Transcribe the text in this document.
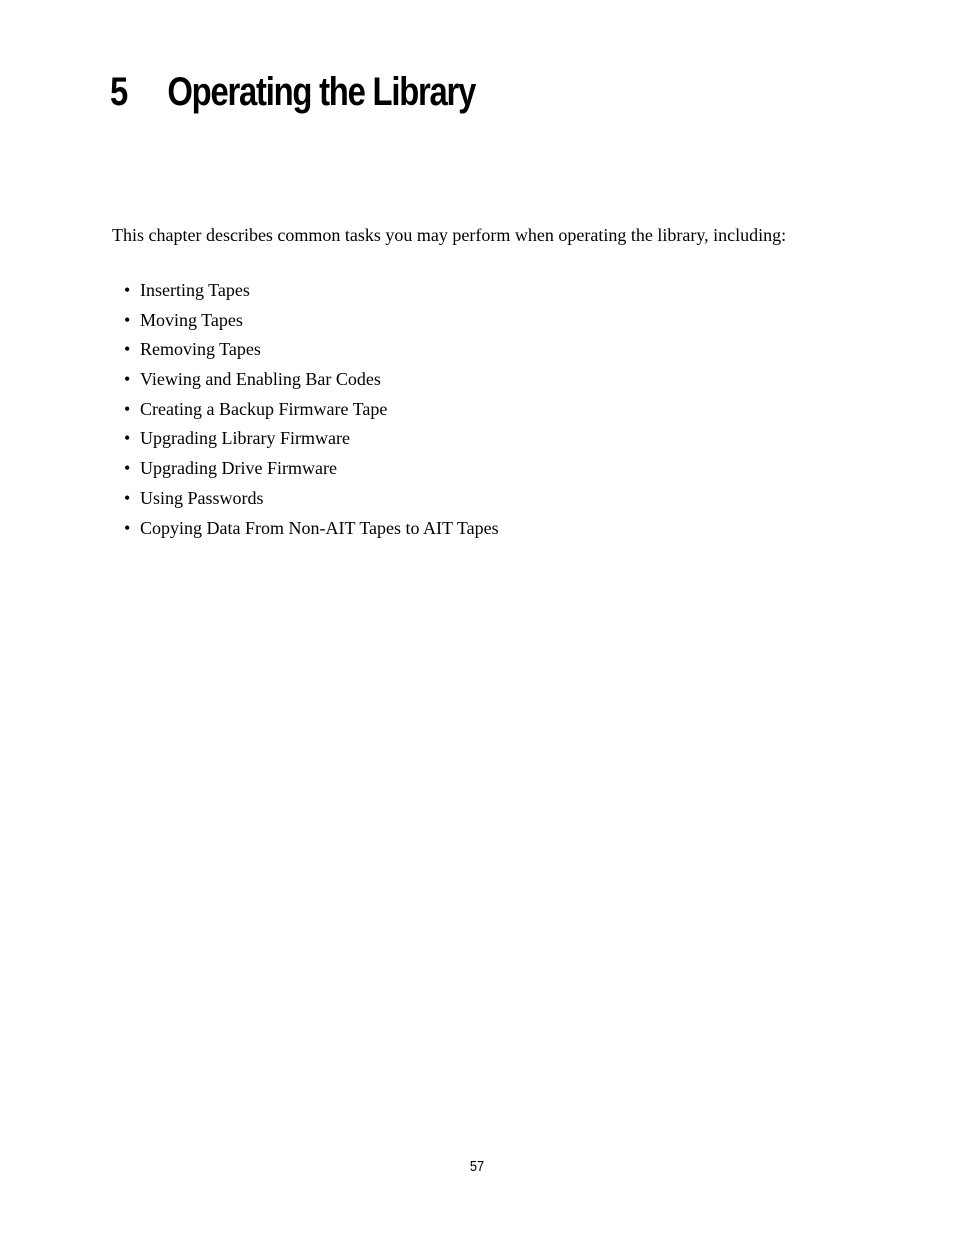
5 Operating the Library

This chapter describes common tasks you may perform when operating the library, including:

• Inserting Tapes
• Moving Tapes
• Removing Tapes
• Viewing and Enabling Bar Codes
• Creating a Backup Firmware Tape
• Upgrading Library Firmware
• Upgrading Drive Firmware
• Using Passwords
• Copying Data From Non-AIT Tapes to AIT Tapes

57
